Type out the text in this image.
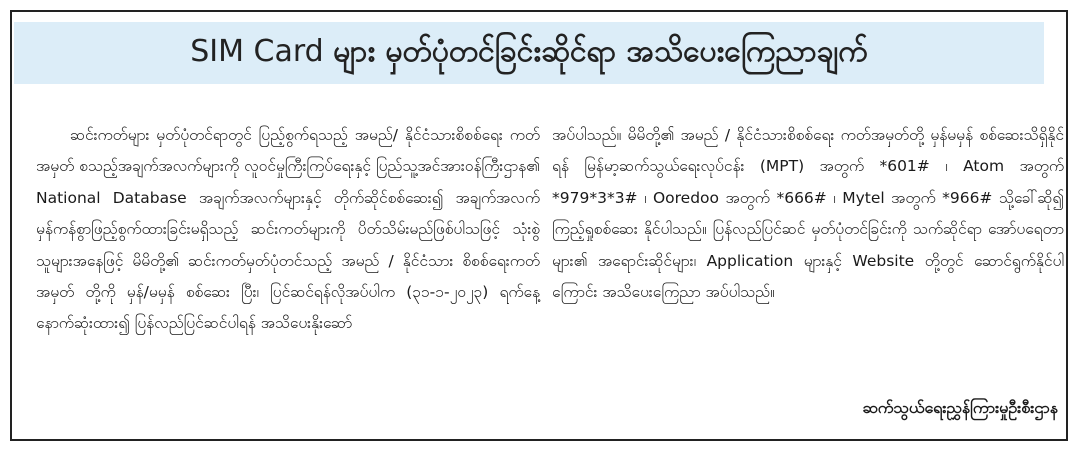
SIM Card များ မှတ်ပုံတင်ခြင်းဆိုင်ရာ အသိပေးကြေညာချက်

ဆင်းကတ်များ မှတ်ပုံတင်ရာတွင် ပြည့်စွက်ရသည့် အမည်/ နိုင်ငံသားစိစစ်ရေး ကတ်အမှတ် စသည့်အချက်အလက်များကို လူဝင်မှုကြီးကြပ်ရေးနှင့် ပြည်သူ့အင်အားဝန်ကြီးဌာန၏ National Database အချက်အလက်များနှင့် တိုက်ဆိုင်စစ်ဆေး၍ အချက်အလက် မှန်ကန်စွာဖြည့်စွက်ထားခြင်းမရှိသည့် ဆင်းကတ်များကို ပိတ်သိမ်းမည်ဖြစ်ပါသဖြင့် သုံးစွဲသူများအနေဖြင့် မိမိတို့၏ ဆင်းကတ်မှတ်ပုံတင်သည့် အမည် / နိုင်ငံသား စိစစ်ရေးကတ်အမှတ် တို့ကို မှန်/မမှန် စစ်ဆေး ပြီး၊ ပြင်ဆင်ရန်လိုအပ်ပါက (၃၁-၁-၂၀၂၃) ရက်နေ့ နောက်ဆုံးထား၍ ပြန်လည်ပြင်ဆင်ပါရန် အသိပေးနိုးဆော်

အပ်ပါသည်။ မိမိတို့၏ အမည် / နိုင်ငံသားစိစစ်ရေး ကတ်အမှတ်တို့ မှန်မမှန် စစ်ဆေးသိရှိနိုင်ရန် မြန်မာ့ဆက်သွယ်ရေးလုပ်ငန်း (MPT) အတွက် *601# ၊ Atom အတွက် *979*3*3# ၊ Ooredoo အတွက် *666# ၊ Mytel အတွက် *966# သို့ခေါ်ဆို၍ ကြည့်ရှုစစ်ဆေး နိုင်ပါသည်။ ပြန်လည်ပြင်ဆင် မှတ်ပုံတင်ခြင်းကို သက်ဆိုင်ရာ အော်ပရေတာများ၏ အရောင်းဆိုင်များ၊ Application များနှင့် Website တို့တွင် ဆောင်ရွက်နိုင်ပါကြောင်း အသိပေးကြေညာ အပ်ပါသည်။

ဆက်သွယ်ရေးညွှန်ကြားမှုဦးစီးဌာန
